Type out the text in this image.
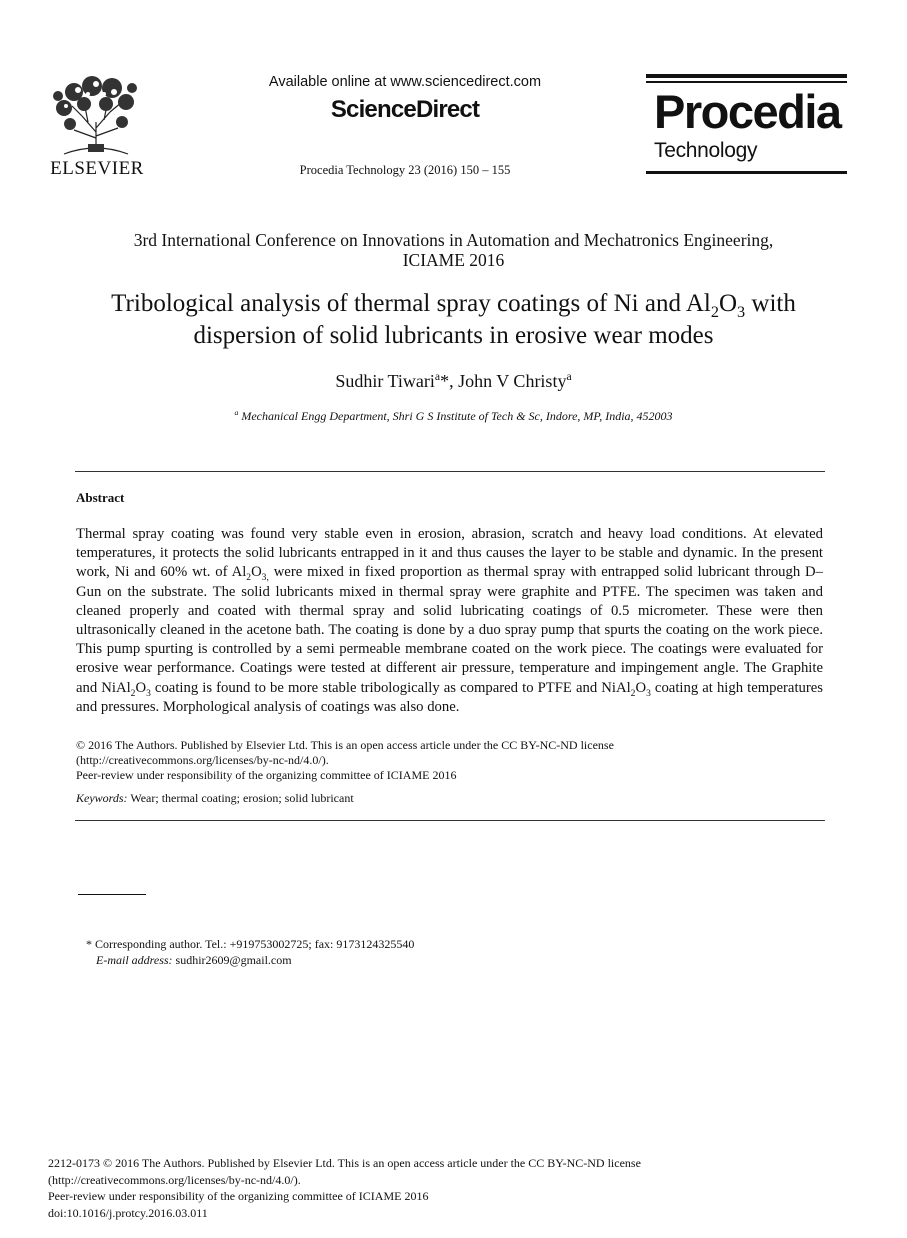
ELSEVIER
Available online at www.sciencedirect.com
ScienceDirect
Procedia Technology 23 (2016) 150 – 155
Procedia
Technology
3rd International Conference on Innovations in Automation and Mechatronics Engineering,
ICIAME 2016
Tribological analysis of thermal spray coatings of Ni and $Al_2O_3$ with
dispersion of solid lubricants in erosive wear modes
Sudhir Tiwari$^a$*, John V Christy$^a$
$^a$ Mechanical Engg Department, Shri G S Institute of Tech & Sc, Indore, MP, India, 452003
Abstract
Thermal spray coating was found very stable even in erosion, abrasion, scratch and heavy load conditions. At elevated temperatures, it protects the solid lubricants entrapped in it and thus causes the layer to be stable and dynamic. In the present work, Ni and 60% wt. of $Al_2O_{3,}$ were mixed in fixed proportion as thermal spray with entrapped solid lubricant through D–Gun on the substrate. The solid lubricants mixed in thermal spray were graphite and PTFE. The specimen was taken and cleaned properly and coated with thermal spray and solid lubricating coatings of 0.5 micrometer. These were then ultrasonically cleaned in the acetone bath. The coating is done by a duo spray pump that spurts the coating on the work piece. This pump spurting is controlled by a semi permeable membrane coated on the work piece. The coatings were evaluated for erosive wear performance. Coatings were tested at different air pressure, temperature and impingement angle. The Graphite and $NiAl_2O_3$ coating is found to be more stable tribologically as compared to PTFE and $NiAl_2O_3$ coating at high temperatures and pressures. Morphological analysis of coatings was also done.
© 2016 The Authors. Published by Elsevier Ltd. This is an open access article under the CC BY-NC-ND license
(http://creativecommons.org/licenses/by-nc-nd/4.0/).
Peer-review under responsibility of the organizing committee of ICIAME 2016
Keywords: Wear; thermal coating; erosion; solid lubricant
* Corresponding author. Tel.: +919753002725; fax: 9173124325540
E-mail address: sudhir2609@gmail.com
2212-0173 © 2016 The Authors. Published by Elsevier Ltd. This is an open access article under the CC BY-NC-ND license
(http://creativecommons.org/licenses/by-nc-nd/4.0/).
Peer-review under responsibility of the organizing committee of ICIAME 2016
doi:10.1016/j.protcy.2016.03.011
